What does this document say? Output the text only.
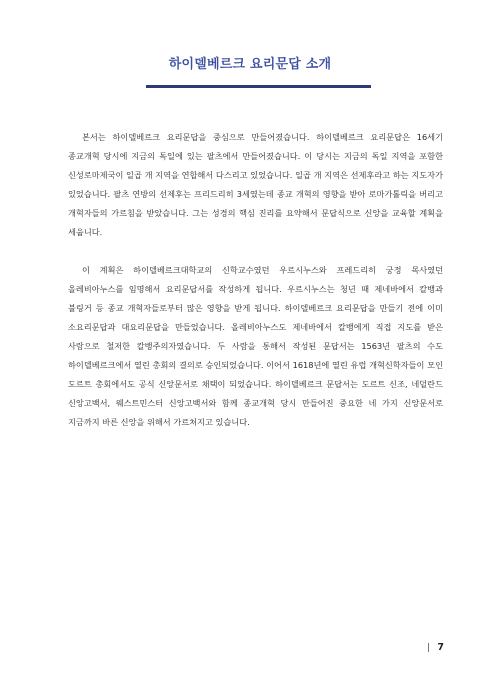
하이델베르크 요리문답 소개

본서는 하이델베르크 요리문답을 중심으로 만들어졌습니다. 하이델베르크 요리문답은 16세기 종교개혁 당시에 지금의 독일에 있는 팔츠에서 만들어졌습니다. 이 당시는 지금의 독일 지역을 포함한 신성로마제국이 일곱 개 지역을 연합해서 다스리고 있었습니다. 일곱 개 지역은 선제후라고 하는 지도자가 있었습니다. 팔츠 연방의 선제후는 프리드리히 3세였는데 종교 개혁의 영향을 받아 로마가톨릭을 버리고 개혁자들의 가르침을 받았습니다. 그는 성경의 핵심 진리를 요약해서 문답식으로 신앙을 교육할 계획을 세웁니다.

이 계획은 하이델베르크대학교의 신학교수였던 우르시누스와 프레드리히 궁정 목사였던 올레비아누스를 임명해서 요리문답서를 작성하게 됩니다. 우르시누스는 청년 때 제네바에서 칼뱅과 불링거 등 종교 개혁자들로부터 많은 영향을 받게 됩니다. 하이델베르크 요리문답을 만들기 전에 이미 소요리문답과 대요리문답을 만들었습니다. 올레비아누스도 제네바에서 칼뱅에게 직접 지도를 받은 사람으로 철저한 칼뱅주의자였습니다. 두 사람을 통해서 작성된 문답서는 1563년 팔츠의 수도 하이델베르크에서 열린 총회의 결의로 승인되었습니다. 이어서 1618년에 열린 유럽 개혁신학자들이 모인 도르트 총회에서도 공식 신앙문서로 채택이 되었습니다. 하이델베르크 문답서는 도르트 신조, 네덜란드 신앙고백서, 웨스트민스터 신앙고백서와 함께 종교개혁 당시 만들어진 중요한 네 가지 신앙문서로 지금까지 바른 신앙을 위해서 가르쳐지고 있습니다.

7
